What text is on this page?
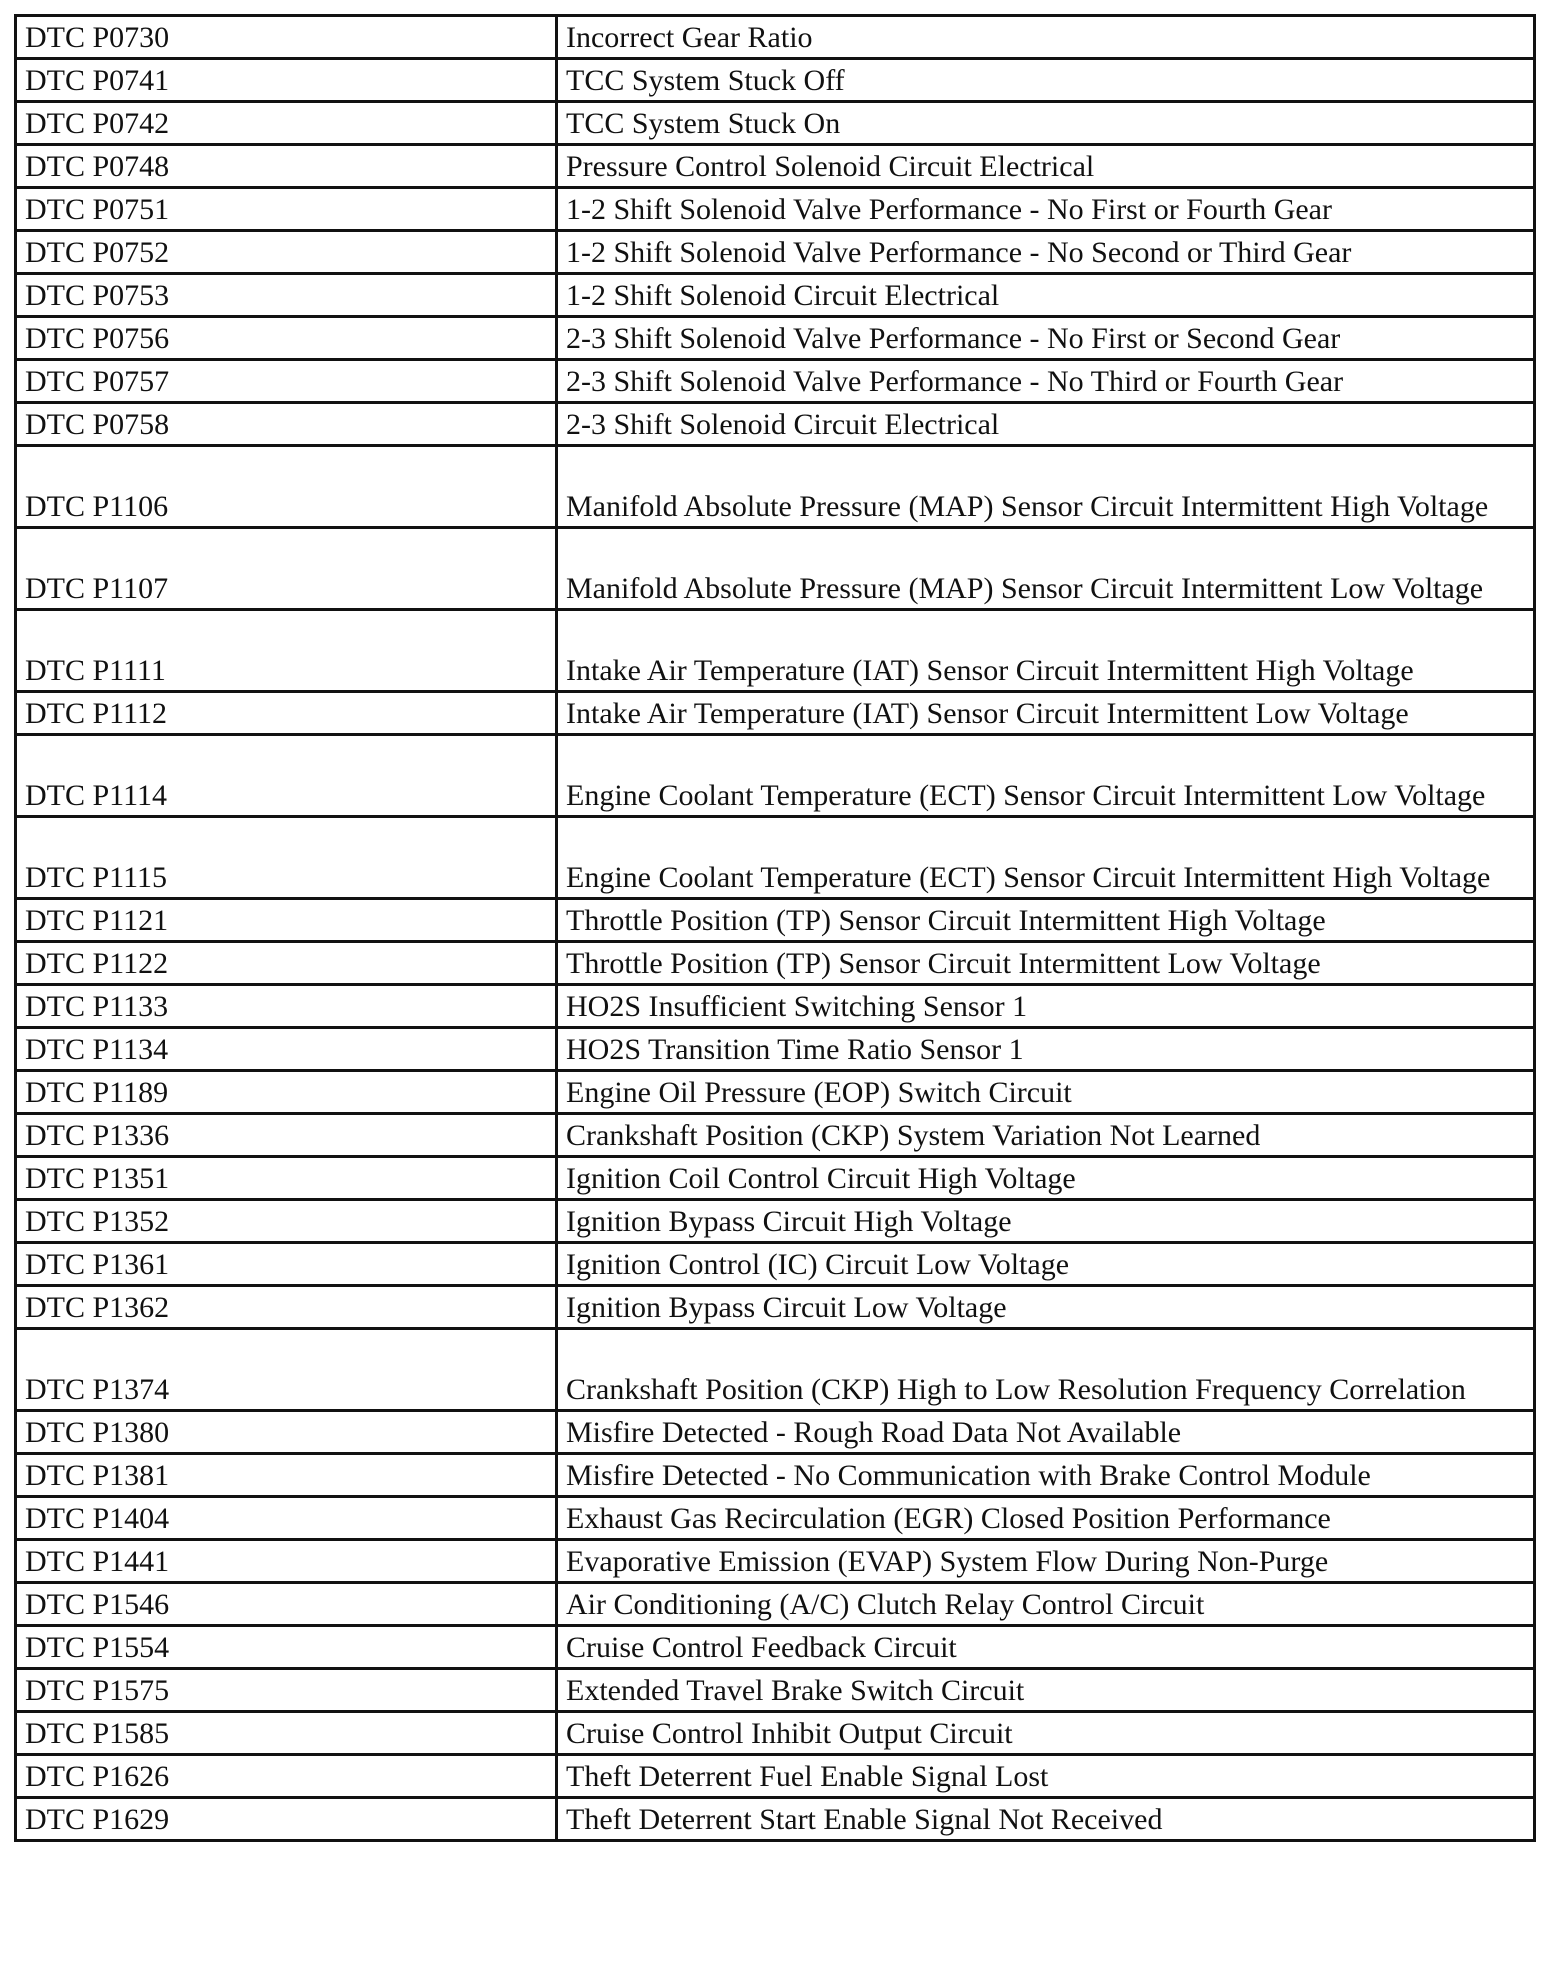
DTC P0730	Incorrect Gear Ratio
DTC P0741	TCC System Stuck Off
DTC P0742	TCC System Stuck On
DTC P0748	Pressure Control Solenoid Circuit Electrical
DTC P0751	1-2 Shift Solenoid Valve Performance - No First or Fourth Gear
DTC P0752	1-2 Shift Solenoid Valve Performance - No Second or Third Gear
DTC P0753	1-2 Shift Solenoid Circuit Electrical
DTC P0756	2-3 Shift Solenoid Valve Performance - No First or Second Gear
DTC P0757	2-3 Shift Solenoid Valve Performance - No Third or Fourth Gear
DTC P0758	2-3 Shift Solenoid Circuit Electrical
DTC P1106	Manifold Absolute Pressure (MAP) Sensor Circuit Intermittent High Voltage
DTC P1107	Manifold Absolute Pressure (MAP) Sensor Circuit Intermittent Low Voltage
DTC P1111	Intake Air Temperature (IAT) Sensor Circuit Intermittent High Voltage
DTC P1112	Intake Air Temperature (IAT) Sensor Circuit Intermittent Low Voltage
DTC P1114	Engine Coolant Temperature (ECT) Sensor Circuit Intermittent Low Voltage
DTC P1115	Engine Coolant Temperature (ECT) Sensor Circuit Intermittent High Voltage
DTC P1121	Throttle Position (TP) Sensor Circuit Intermittent High Voltage
DTC P1122	Throttle Position (TP) Sensor Circuit Intermittent Low Voltage
DTC P1133	HO2S Insufficient Switching Sensor 1
DTC P1134	HO2S Transition Time Ratio Sensor 1
DTC P1189	Engine Oil Pressure (EOP) Switch Circuit
DTC P1336	Crankshaft Position (CKP) System Variation Not Learned
DTC P1351	Ignition Coil Control Circuit High Voltage
DTC P1352	Ignition Bypass Circuit High Voltage
DTC P1361	Ignition Control (IC) Circuit Low Voltage
DTC P1362	Ignition Bypass Circuit Low Voltage
DTC P1374	Crankshaft Position (CKP) High to Low Resolution Frequency Correlation
DTC P1380	Misfire Detected - Rough Road Data Not Available
DTC P1381	Misfire Detected - No Communication with Brake Control Module
DTC P1404	Exhaust Gas Recirculation (EGR) Closed Position Performance
DTC P1441	Evaporative Emission (EVAP) System Flow During Non-Purge
DTC P1546	Air Conditioning (A/C) Clutch Relay Control Circuit
DTC P1554	Cruise Control Feedback Circuit
DTC P1575	Extended Travel Brake Switch Circuit
DTC P1585	Cruise Control Inhibit Output Circuit
DTC P1626	Theft Deterrent Fuel Enable Signal Lost
DTC P1629	Theft Deterrent Start Enable Signal Not Received
